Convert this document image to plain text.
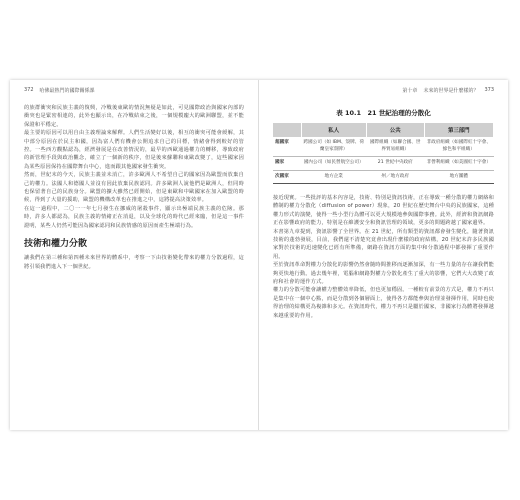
372 哈佛最熱門的國際關係課

的族群衝突和民族主義的復興，冷戰後東歐的情況無疑是如此，可見國際政治與國家內部的衝突也是緊密相連的，此外也顯示出，在冷戰結束之後，一個規模龐大的歐洲聯盟，並不能保證和平穩定。

最主要的原因可以用自由主義理論來解釋。人們生活變好以後，相互的衝突可能會緩解，其中部分原因在於民主和國，因為富人們有機會公開追求自己的目標，情緒會得到較好的管控。一些西方觀點認為，經濟發展是在改善情況的，最早的西歐通過權力的轉移，導致政府的新管理手段與政治觀念，確立了一個新的秩序，但是後來蘇聯和東歐改變了，這些國家因為某些原因保持在國際舞台中心，進而跟其他國家發生衝突。

然而，世紀末的今天，民族主義並未消亡，許多歐洲人不希望自己的國家因為歐盟而放棄自己的權力。法國人和德國人並沒有因此放棄民族認同。許多歐洲人說他們是歐洲人，但同時也保留著自己的民族身分。歐盟的擴大雖然已經開始，但是東歐和中歐國家在加入歐盟的時候，得到了大量的援助，歐盟的機構改革也在推進之中，這將提高決策效率。

在這一過程中，二〇一一年七月發生在挪威的屠殺事件，顯示出極端民族主義的危險。那時，許多人都認為，民族主義的情緒正在消退，以及全球化的時代已經來臨，但是這一事件證明，某些人仍然可能因為國家認同和民族情感的原因而產生極端行為。

技術和權力分散

讓我們在第三種和第四種未來世界的體系中，考察一下由技術變化帶來的權力分散過程，這將引領我們進入下一個世紀。

第十章 未來的世界是什麼樣的？ 373
表 10.1　21 世紀治理的分散化
	私人	公共	第三部門
超國家	跨國公司（如 IBM、殼牌、荷蘭皇家殼牌）	國際組織（如聯合國、世界貿易組織）	非政府組織（如國際紅十字會、綠色和平組織）
國家	國內公司（如民營航空公司）	21 世紀中央政府	非營利組織（如美國紅十字會）
次國家	地方企業	州／地方政府	地方團體

接近現實。一些批評的基本內容是，技術、特別是資訊技術，正在導致一種分散的權力網絡和體制的權力分散化（diffusion of power）現象，20 世紀在歷史舞台中央的民族國家，這種權力形式的演變，使得一些小型行為體可以更大規模地參與國際事務。此外，經濟和資訊網路正在影響政府的能力，特別是在維護安全和資訊管理的領域，更多的問題跨越了國家邊界。

本書第九章提到，資訊影響了全世界。在 21 世紀，所有類型的資訊都會發生變化，隨著資訊技術的蓬勃發展，目前，我們還不清楚究竟會出現什麼樣的政府結構，20 世紀末許多民族國家對於技術的迅速變化已經有所準備，網路在資訊方面的集中和分散過程中都發揮了重要作用。

至於資訊革命對權力分散化的影響仍然會隨時間推移而逐漸加深，有一些力量的存在讓我們能夠更快地行動。過去幾年裡，電腦和網路對權力分散化產生了重大的影響，它們大大改變了政府和社會的運作方式。

權力的分散可能會讓權力整體效率降低，但也更加穩固。一種較有前景的方式是，權力不再只是集中在一個中心點，而是分散到各個層面上，使得各方都能參與治理並發揮作用，同時也使得治理的結構更為複雜和多元。在資訊時代，權力不再只是屬於國家，非國家行為體將發揮越來越重要的作用。
